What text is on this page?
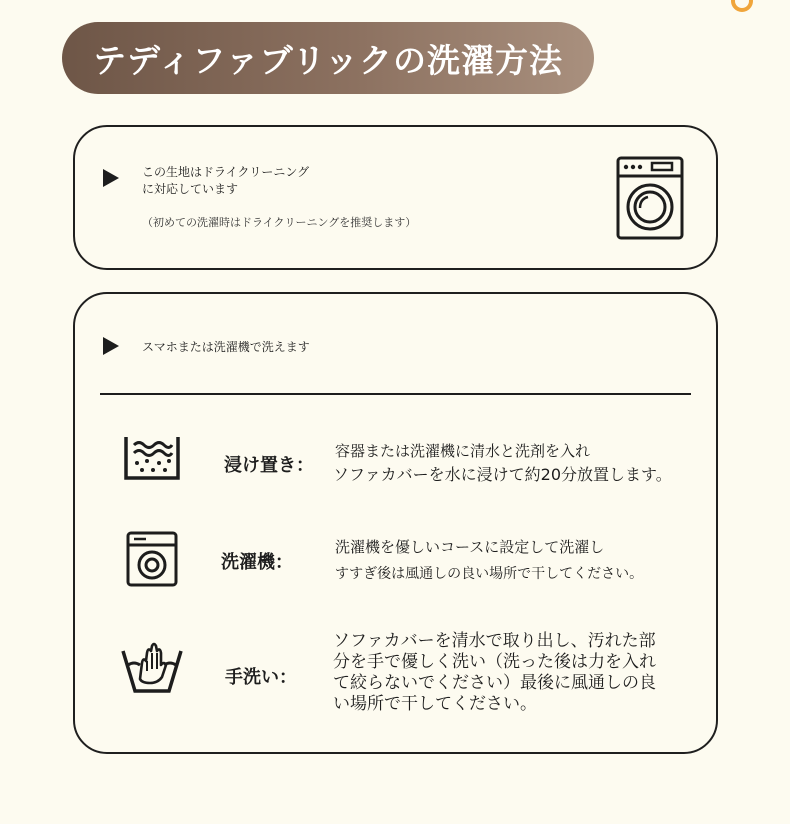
テディファブリックの洗濯方法
この生地はドライクリーニング
に対応しています
（初めての洗濯時はドライクリーニングを推奨します）
スマホまたは洗濯機で洗えます
浸け置き：
容器または洗濯機に清水と洗剤を入れ
ソファカバーを水に浸けて約20分放置します。
洗濯機：
洗濯機を優しいコースに設定して洗濯し
すすぎ後は風通しの良い場所で干してください。
手洗い：
ソファカバーを清水で取り出し、汚れた部
分を手で優しく洗い（洗った後は力を入れ
て絞らないでください）最後に風通しの良
い場所で干してください。
